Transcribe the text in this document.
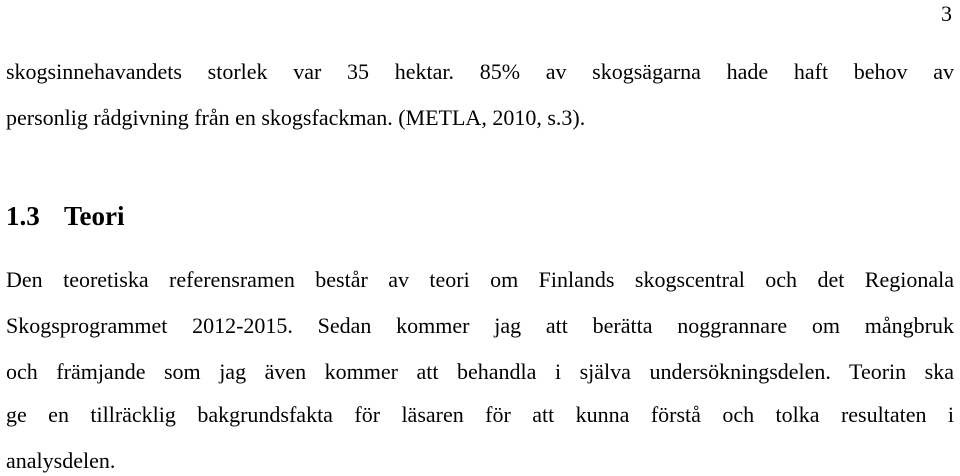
3
skogsinnehavandets storlek var 35 hektar. 85% av skogsägarna hade haft behov av
personlig rådgivning från en skogsfackman. (METLA, 2010, s.3).
1.3 Teori
Den teoretiska referensramen består av teori om Finlands skogscentral och det Regionala
Skogsprogrammet 2012-2015. Sedan kommer jag att berätta noggrannare om mångbruk
och främjande som jag även kommer att behandla i själva undersökningsdelen. Teorin ska
ge en tillräcklig bakgrundsfakta för läsaren för att kunna förstå och tolka resultaten i
analysdelen.
